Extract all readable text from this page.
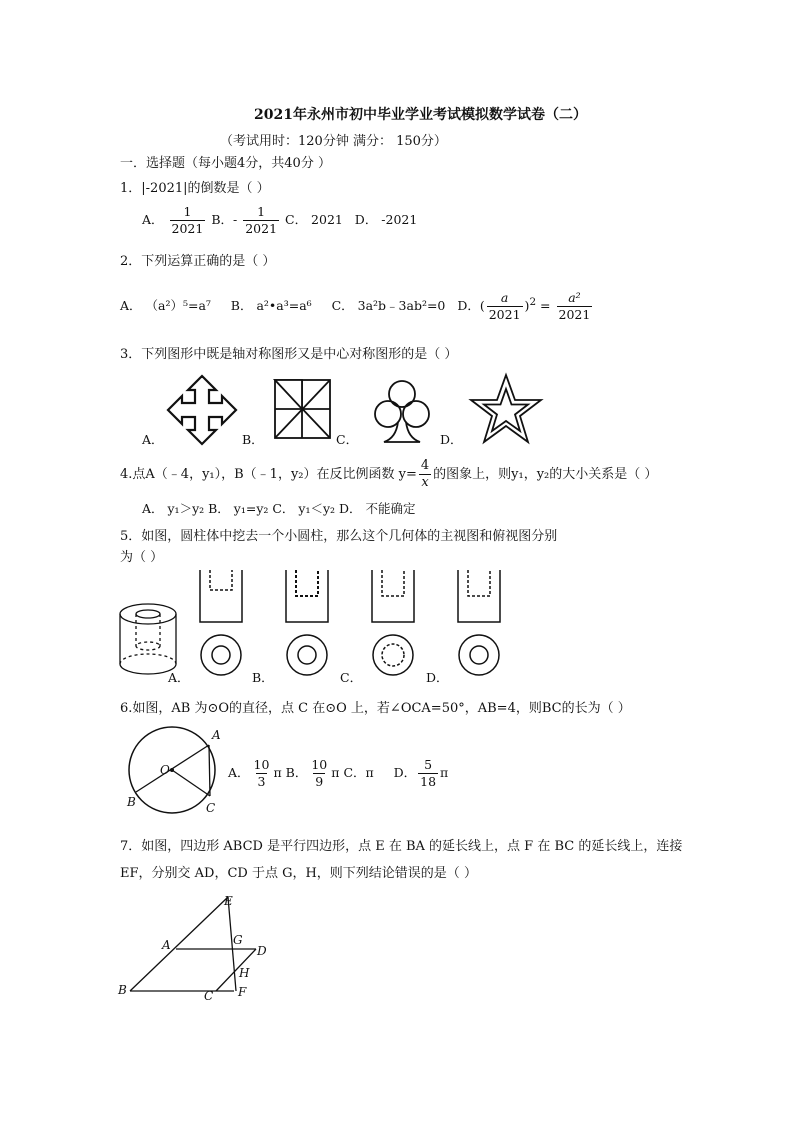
2021年永州市初中毕业学业考试模拟数学试卷（二）
（考试用时：120分钟 满分： 150分）
一．选择题（每小题4分，共40分 ）
1．|-2021|的倒数是（ ）
A． $\frac{1}{2021}$ B．- $\frac{1}{2021}$ C． 2021 D． -2021
2．下列运算正确的是（ ）
A． （a²）⁵=a⁷ B． a²•a³=a⁶ C． 3a²b﹣3ab²=0 D．( $\frac{a}{2021} )^2 = \frac{\text{a²}}{2021}$
3．下列图形中既是轴对称图形又是中心对称图形的是（ ）
A．	B．	C．	D．
4.点A（﹣4，y₁），B（﹣1，y₂）在反比例函数 $y= \frac{4}{x}$ 的图象上，则y₁，y₂的大小关系是（ ）
A． y₁＞y₂ B． y₁=y₂ C． y₁＜y₂ D． 不能确定
5．如图，圆柱体中挖去一个小圆柱，那么这个几何体的主视图和俯视图分别
为（ ）
A．	B．	C．	D．
6.如图，AB 为⊙O的直径，点 C 在⊙O 上，若∠OCA=50°，AB=4，则BC的长为（ ）
A
O
B	C
A． $\frac{10}{3}$ π B． $\frac{10}{9}$ π C．π D． $\frac{5}{18}$ π
7．如图，四边形 ABCD 是平行四边形，点 E 在 BA 的延长线上，点 F 在 BC 的延长线上，连接
EF，分别交 AD，CD 于点 G，H，则下列结论错误的是（ ）
E
A	G
D
H
B	C F
